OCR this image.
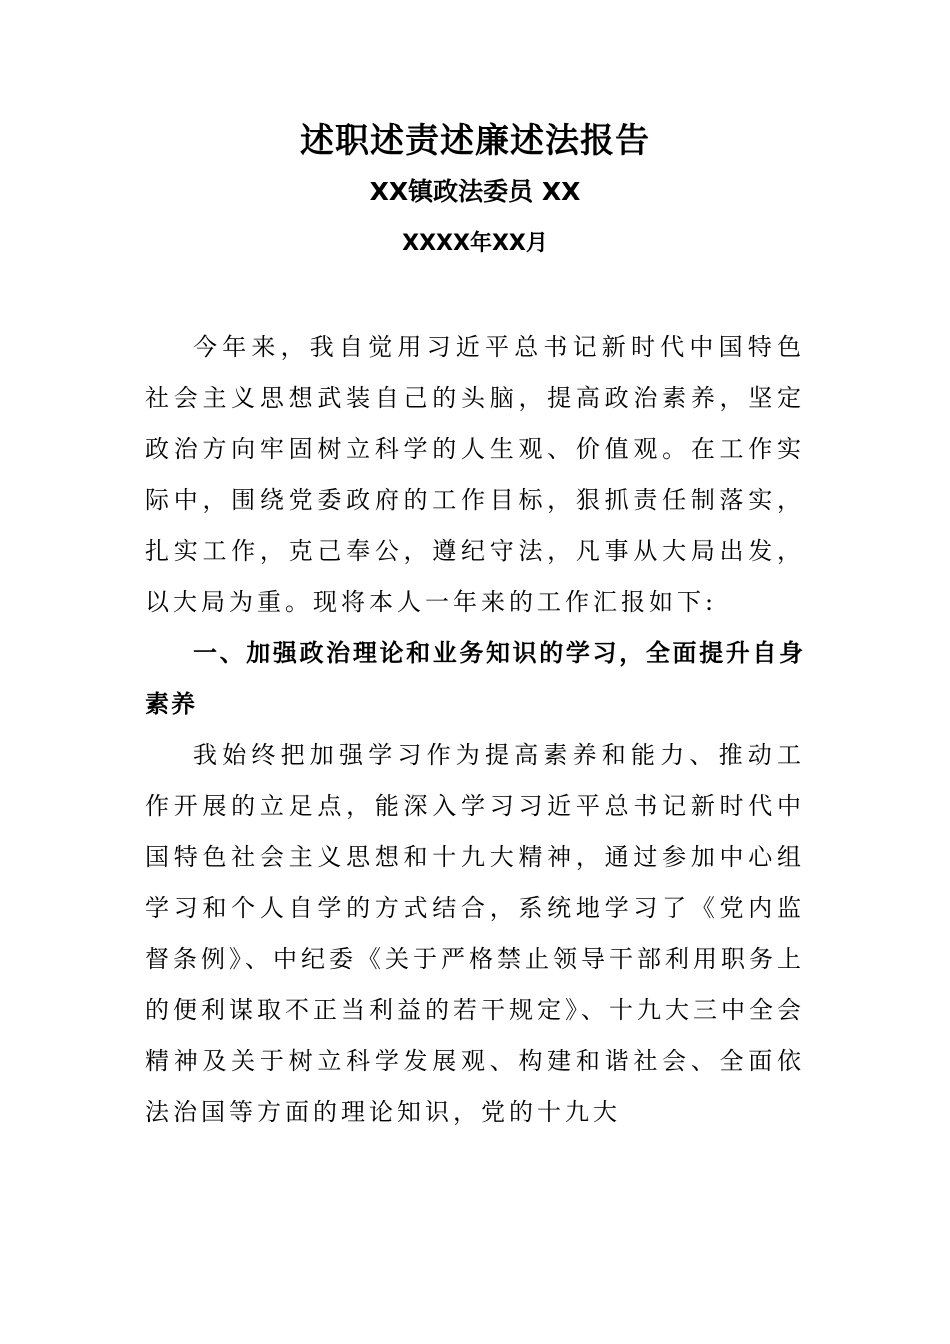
述职述责述廉述法报告
XX镇政法委员 XX
XXXX年XX月

今年来，我自觉用习近平总书记新时代中国特色社会主义思想武装自己的头脑，提高政治素养，坚定政治方向牢固树立科学的人生观、价值观。在工作实际中，围绕党委政府的工作目标，狠抓责任制落实，扎实工作，克己奉公，遵纪守法，凡事从大局出发，以大局为重。现将本人一年来的工作汇报如下:

一、加强政治理论和业务知识的学习，全面提升自身素养

我始终把加强学习作为提高素养和能力、推动工作开展的立足点，能深入学习习近平总书记新时代中国特色社会主义思想和十九大精神，通过参加中心组学习和个人自学的方式结合，系统地学习了《党内监督条例》、中纪委《关于严格禁止领导干部利用职务上的便利谋取不正当利益的若干规定》、十九大三中全会精神及关于树立科学发展观、构建和谐社会、全面依法治国等方面的理论知识，党的十九大
